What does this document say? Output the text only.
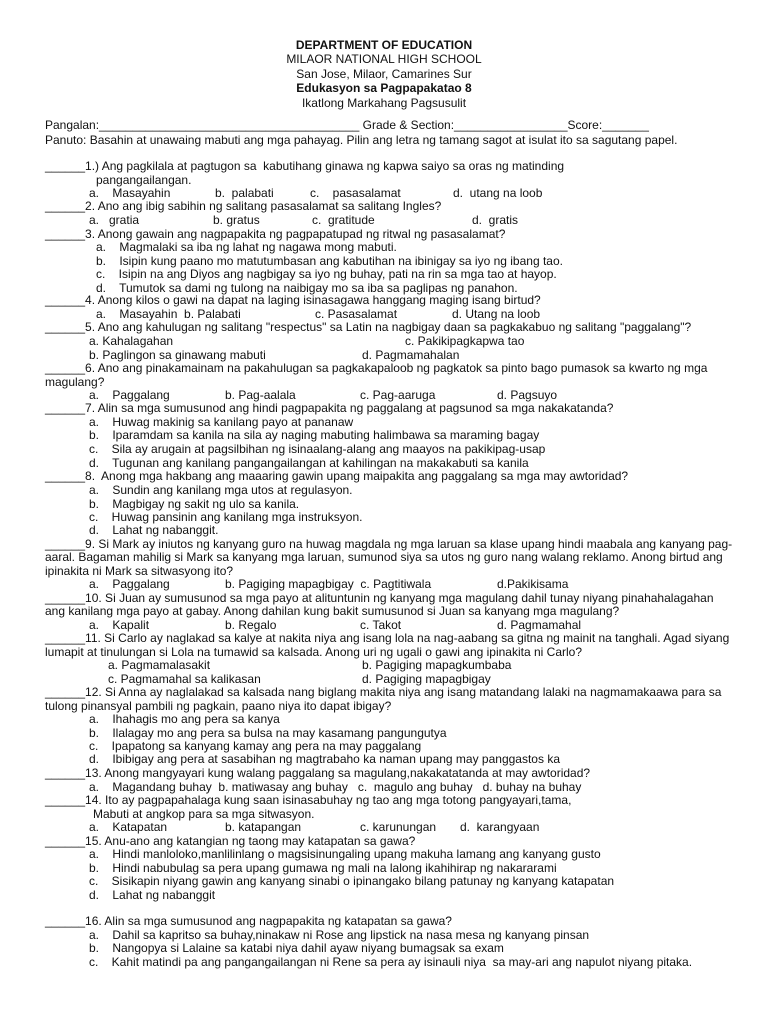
DEPARTMENT OF EDUCATION
MILAOR NATIONAL HIGH SCHOOL
San Jose, Milaor, Camarines Sur
Edukasyon sa Pagpapakatao 8
Ikatlong Markahang Pagsusulit
Pangalan:_______________________________________ Grade & Section:_________________Score:_______
Panuto: Basahin at unawaing mabuti ang mga pahayag. Pilin ang letra ng tamang sagot at isulat ito sa sagutang papel.
______1.) Ang pagkilala at pagtugon sa  kabutihang ginawa ng kapwa saiyo sa oras ng matinding
pangangailangan.
a.    Masayahin	b.  palabati	c.    pasasalamat	d.  utang na loob
______2. Ano ang ibig sabihin ng salitang pasasalamat sa salitang Ingles?
a.   gratia	b. gratus	c.  gratitude	d.  gratis
______3. Anong gawain ang nagpapakita ng pagpapatupad ng ritwal ng pasasalamat?
a.    Magmalaki sa iba ng lahat ng nagawa mong mabuti.
b.    Isipin kung paano mo matutumbasan ang kabutihan na ibinigay sa iyo ng ibang tao.
c.    Isipin na ang Diyos ang nagbigay sa iyo ng buhay, pati na rin sa mga tao at hayop.
d.    Tumutok sa dami ng tulong na naibigay mo sa iba sa paglipas ng panahon.
______4. Anong kilos o gawi na dapat na laging isinasagawa hanggang maging isang birtud?
a.    Masayahin  b. Palabati	c. Pasasalamat	d. Utang na loob
______5. Ano ang kahulugan ng salitang "respectus" sa Latin na nagbigay daan sa pagkakabuo ng salitang "paggalang"?
a. Kahalagahan	c. Pakikipagkapwa tao
b. Paglingon sa ginawang mabuti	d. Pagmamahalan
______6. Ano ang pinakamainam na pakahulugan sa pagkakapaloob ng pagkatok sa pinto bago pumasok sa kwarto ng mga
magulang?
a.    Paggalang	b. Pag-aalala	c. Pag-aaruga	d. Pagsuyo
______7. Alin sa mga sumusunod ang hindi pagpapakita ng paggalang at pagsunod sa mga nakakatanda?
a.    Huwag makinig sa kanilang payo at pananaw
b.    Iparamdam sa kanila na sila ay naging mabuting halimbawa sa maraming bagay
c.    Sila ay arugain at pagsilbihan ng isinaalang-alang ang maayos na pakikipag-usap
d.    Tugunan ang kanilang pangangailangan at kahilingan na makakabuti sa kanila
______8.  Anong mga hakbang ang maaaring gawin upang maipakita ang paggalang sa mga may awtoridad?
a.    Sundin ang kanilang mga utos at regulasyon.
b.    Magbigay ng sakit ng ulo sa kanila.
c.    Huwag pansinin ang kanilang mga instruksyon.
d.    Lahat ng nabanggit.
______9. Si Mark ay iniutos ng kanyang guro na huwag magdala ng mga laruan sa klase upang hindi maabala ang kanyang pag-
aaral. Bagaman mahilig si Mark sa kanyang mga laruan, sumunod siya sa utos ng guro nang walang reklamo. Anong birtud ang
ipinakita ni Mark sa sitwasyong ito?
a.    Paggalang	b. Pagiging mapagbigay  c. Pagtitiwala	d.Pakikisama
______10. Si Juan ay sumusunod sa mga payo at alituntunin ng kanyang mga magulang dahil tunay niyang pinahahalagahan
ang kanilang mga payo at gabay. Anong dahilan kung bakit sumusunod si Juan sa kanyang mga magulang?
a.    Kapalit	b. Regalo	c. Takot	d. Pagmamahal
______11. Si Carlo ay naglakad sa kalye at nakita niya ang isang lola na nag-aabang sa gitna ng mainit na tanghali. Agad siyang
lumapit at tinulungan si Lola na tumawid sa kalsada. Anong uri ng ugali o gawi ang ipinakita ni Carlo?
a. Pagmamalasakit	b. Pagiging mapagkumbaba
c. Pagmamahal sa kalikasan	d. Pagiging mapagbigay
______12. Si Anna ay naglalakad sa kalsada nang biglang makita niya ang isang matandang lalaki na nagmamakaawa para sa
tulong pinansyal pambili ng pagkain, paano niya ito dapat ibigay?
a.    Ihahagis mo ang pera sa kanya
b.    Ilalagay mo ang pera sa bulsa na may kasamang pangungutya
c.    Ipapatong sa kanyang kamay ang pera na may paggalang
d.    Ibibigay ang pera at sasabihan ng magtrabaho ka naman upang may panggastos ka
______13. Anong mangyayari kung walang paggalang sa magulang,nakakatatanda at may awtoridad?
a.    Magandang buhay  b. matiwasay ang buhay   c.  magulo ang buhay   d. buhay na buhay
______14. Ito ay pagpapahalaga kung saan isinasabuhay ng tao ang mga totong pangyayari,tama,
Mabuti at angkop para sa mga sitwasyon.
a.    Katapatan	b. katapangan	c. karunungan d.  karangyaan
______15. Anu-ano ang katangian ng taong may katapatan sa gawa?
a.    Hindi manloloko,manlilinlang o magsisinungaling upang makuha lamang ang kanyang gusto
b.    Hindi nabubulag sa pera upang gumawa ng mali na lalong ikahihirap ng nakararami
c.    Sisikapin niyang gawin ang kanyang sinabi o ipinangako bilang patunay ng kanyang katapatan
d.    Lahat ng nabanggit
______16. Alin sa mga sumusunod ang nagpapakita ng katapatan sa gawa?
a.    Dahil sa kapritso sa buhay,ninakaw ni Rose ang lipstick na nasa mesa ng kanyang pinsan
b.    Nangopya si Lalaine sa katabi niya dahil ayaw niyang bumagsak sa exam
c.    Kahit matindi pa ang pangangailangan ni Rene sa pera ay isinauli niya  sa may-ari ang napulot niyang pitaka.
